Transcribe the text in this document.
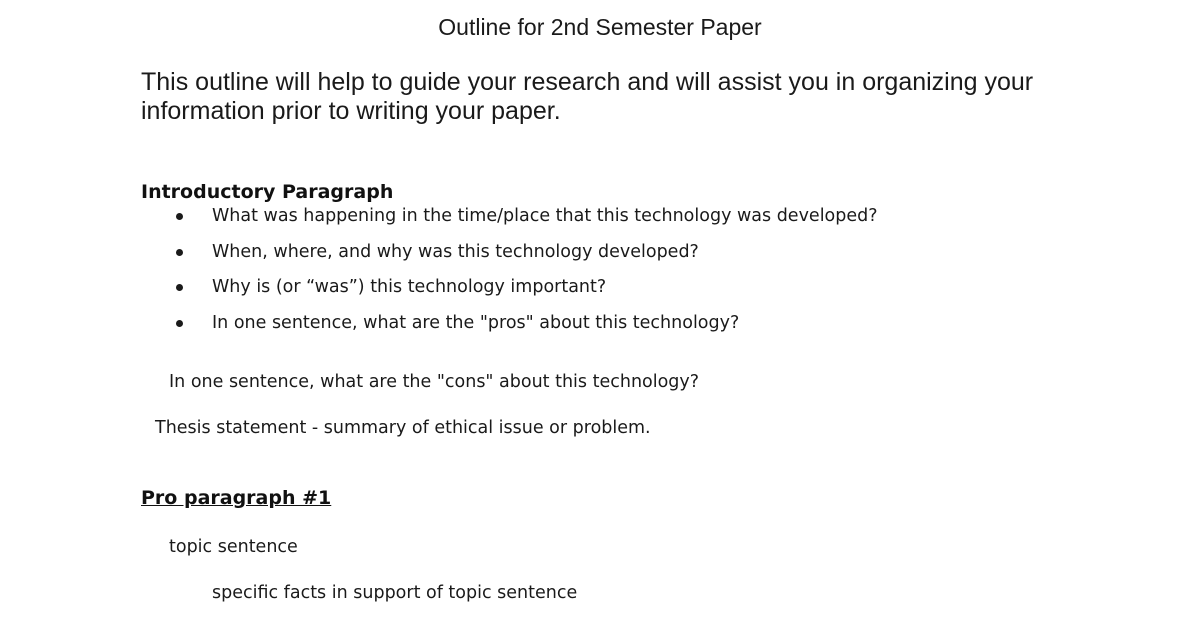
Outline for 2nd Semester Paper
This outline will help to guide your research and will assist you in organizing your information prior to writing your paper.
Introductory Paragraph
What was happening in the time/place that this technology was developed?
When, where, and why was this technology developed?
Why is (or “was”) this technology important?
In one sentence, what are the "pros" about this technology?
In one sentence, what are the "cons" about this technology?
Thesis statement - summary of ethical issue or problem.
Pro paragraph #1
topic sentence
specific facts in support of topic sentence
